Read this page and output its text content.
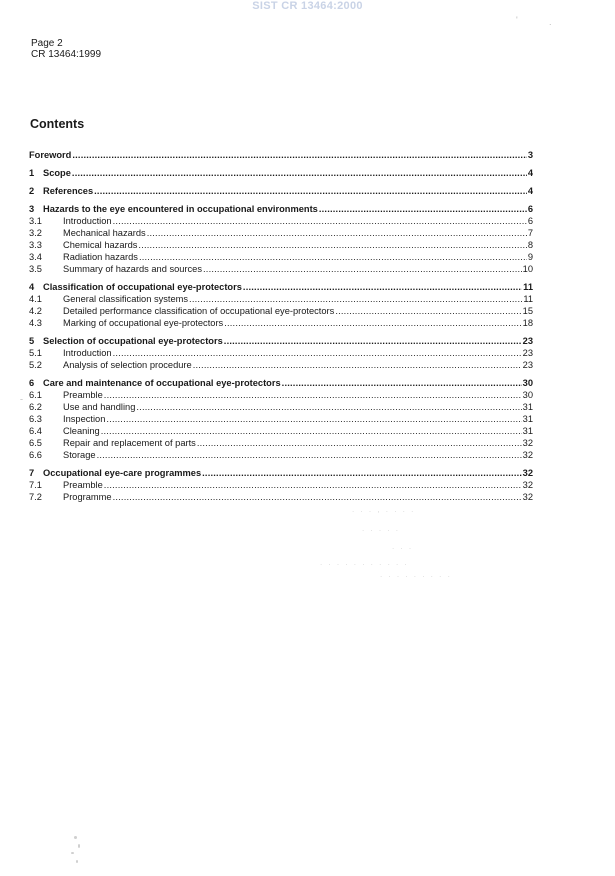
SIST CR 13464:2000
'	.
Page 2
CR 13464:1999
Contents
Foreword .....	3
1 Scope .....	4
2 References .....	4
3 Hazards to the eye encountered in occupational environments .....	6
3.1 Introduction .....	6
3.2 Mechanical hazards .....	7
3.3 Chemical hazards .....	8
3.4 Radiation hazards .....	9
3.5 Summary of hazards and sources .....	10
4 Classification of occupational eye-protectors .....	11
4.1 General classification systems .....	11
4.2 Detailed performance classification of occupational eye-protectors .....	15
4.3 Marking of occupational eye-protectors .....	18
5 Selection of occupational eye-protectors .....	23
5.1 Introduction .....	23
5.2 Analysis of selection procedure .....	23
6 Care and maintenance of occupational eye-protectors .....	30
6.1 Preamble .....	30
6.2 Use and handling .....	31
6.3 Inspection .....	31
6.4 Cleaning .....	31
6.5 Repair and replacement of parts .....	32
6.6 Storage .....	32
7 Occupational eye-care programmes .....	32
7.1 Preamble .....	32
7.2 Programme .....	32
. . . , . . . .
. . . . .
. . .
. . . . . . . . . . .
. . . . . . . . .
